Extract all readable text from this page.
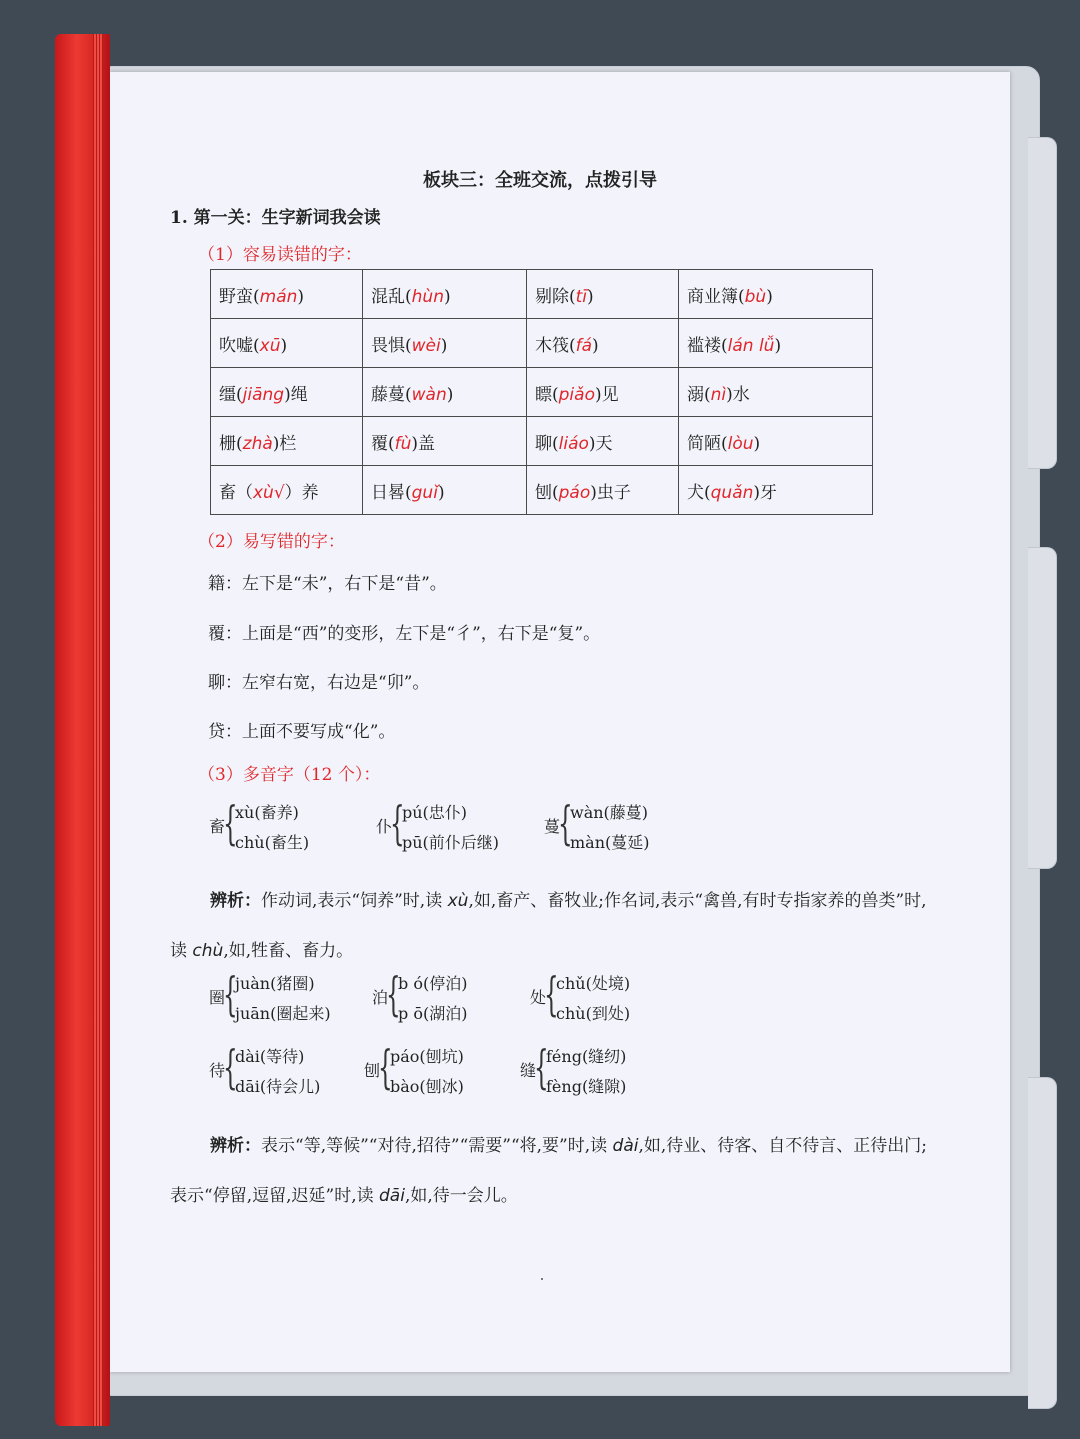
板块三：全班交流，点拨引导
1. 第一关：生字新词我会读
（1）容易读错的字：
野蛮(mán)	混乱(hùn)	剔除(tī)	商业簿(bù)
吹嘘(xū)	畏惧(wèi)	木筏(fá)	褴褛(lán lǚ)
缰(jiāng)绳	藤蔓(wàn)	瞟(piǎo)见	溺(nì)水
栅(zhà)栏	覆(fù)盖	聊(liáo)天	简陋(lòu)
畜（xù√）养	日晷(guǐ)	刨(páo)虫子	犬(quǎn)牙
（2）易写错的字：
籍：左下是“未”，右下是“昔”。
覆：上面是“西”的变形，左下是“彳”，右下是“复”。
聊：左窄右宽，右边是“卯”。
贷：上面不要写成“化”。
（3）多音字（12 个）：
畜
{
xù(畜养)
chù(畜生)
仆
{
pú(忠仆)
pū(前仆后继)
蔓
{
wàn(藤蔓)
màn(蔓延)
辨析：作动词,表示“饲养”时,读 xù,如,畜产、畜牧业;作名词,表示“禽兽,有时专指家养的兽类”时,读 chù,如,牲畜、畜力。
圈
{
juàn(猪圈)
juān(圈起来)
泊
{
b ó(停泊)
p ō(湖泊)
处
{
chǔ(处境)
chù(到处)
待
{
dài(等待)
dāi(待会儿)
刨
{
páo(刨坑)
bào(刨冰)
缝
{
féng(缝纫)
fèng(缝隙)
辨析：表示“等,等候”“对待,招待”“需要”“将,要”时,读 dài,如,待业、待客、自不待言、正待出门;表示“停留,逗留,迟延”时,读 dāi,如,待一会儿。
